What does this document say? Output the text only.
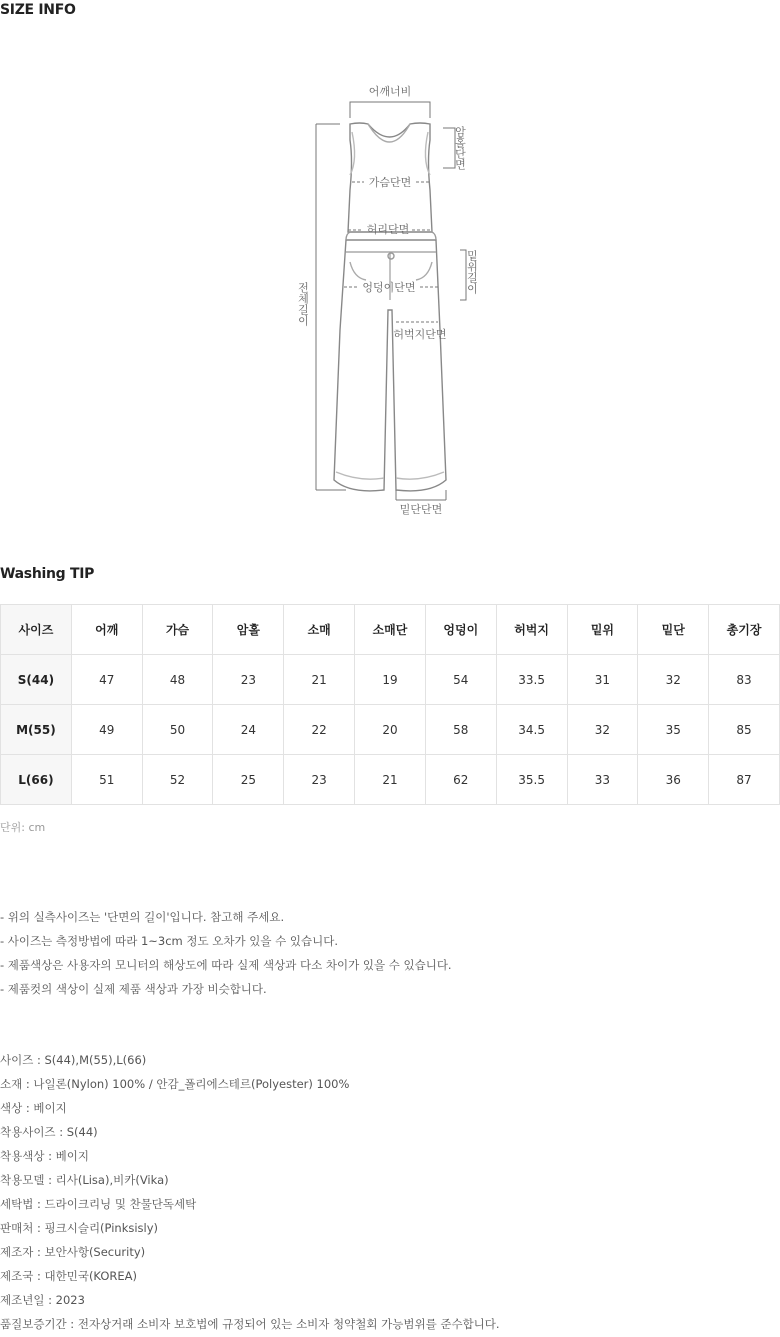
SIZE INFO
어깨너비
암홀단면
가슴단면
허리단면
밑위길이
엉덩이단면
허벅지단면
전체길이
밑단단면
Washing TIP
사이즈	어깨	가슴	암홀	소매	소매단	엉덩이	허벅지	밑위	밑단	총기장
S(44)	47	48	23	21	19	54	33.5	31	32	83
M(55)	49	50	24	22	20	58	34.5	32	35	85
L(66)	51	52	25	23	21	62	35.5	33	36	87
단위: cm
- 위의 실측사이즈는 '단면의 길이'입니다. 참고해 주세요.
- 사이즈는 측정방법에 따라 1~3cm 정도 오차가 있을 수 있습니다.
- 제품색상은 사용자의 모니터의 해상도에 따라 실제 색상과 다소 차이가 있을 수 있습니다.
- 제품컷의 색상이 실제 제품 색상과 가장 비슷합니다.
사이즈 : S(44),M(55),L(66)
소재 : 나일론(Nylon) 100% / 안감_폴리에스테르(Polyester) 100%
색상 : 베이지
착용사이즈 : S(44)
착용색상 : 베이지
착용모델 : 리사(Lisa),비카(Vika)
세탁법 : 드라이크리닝 및 찬물단독세탁
판매처 : 핑크시슬리(Pinksisly)
제조자 : 보안사항(Security)
제조국 : 대한민국(KOREA)
제조년일 : 2023
품질보증기간 : 전자상거래 소비자 보호법에 규정되어 있는 소비자 청약철회 가능범위를 준수합니다.
